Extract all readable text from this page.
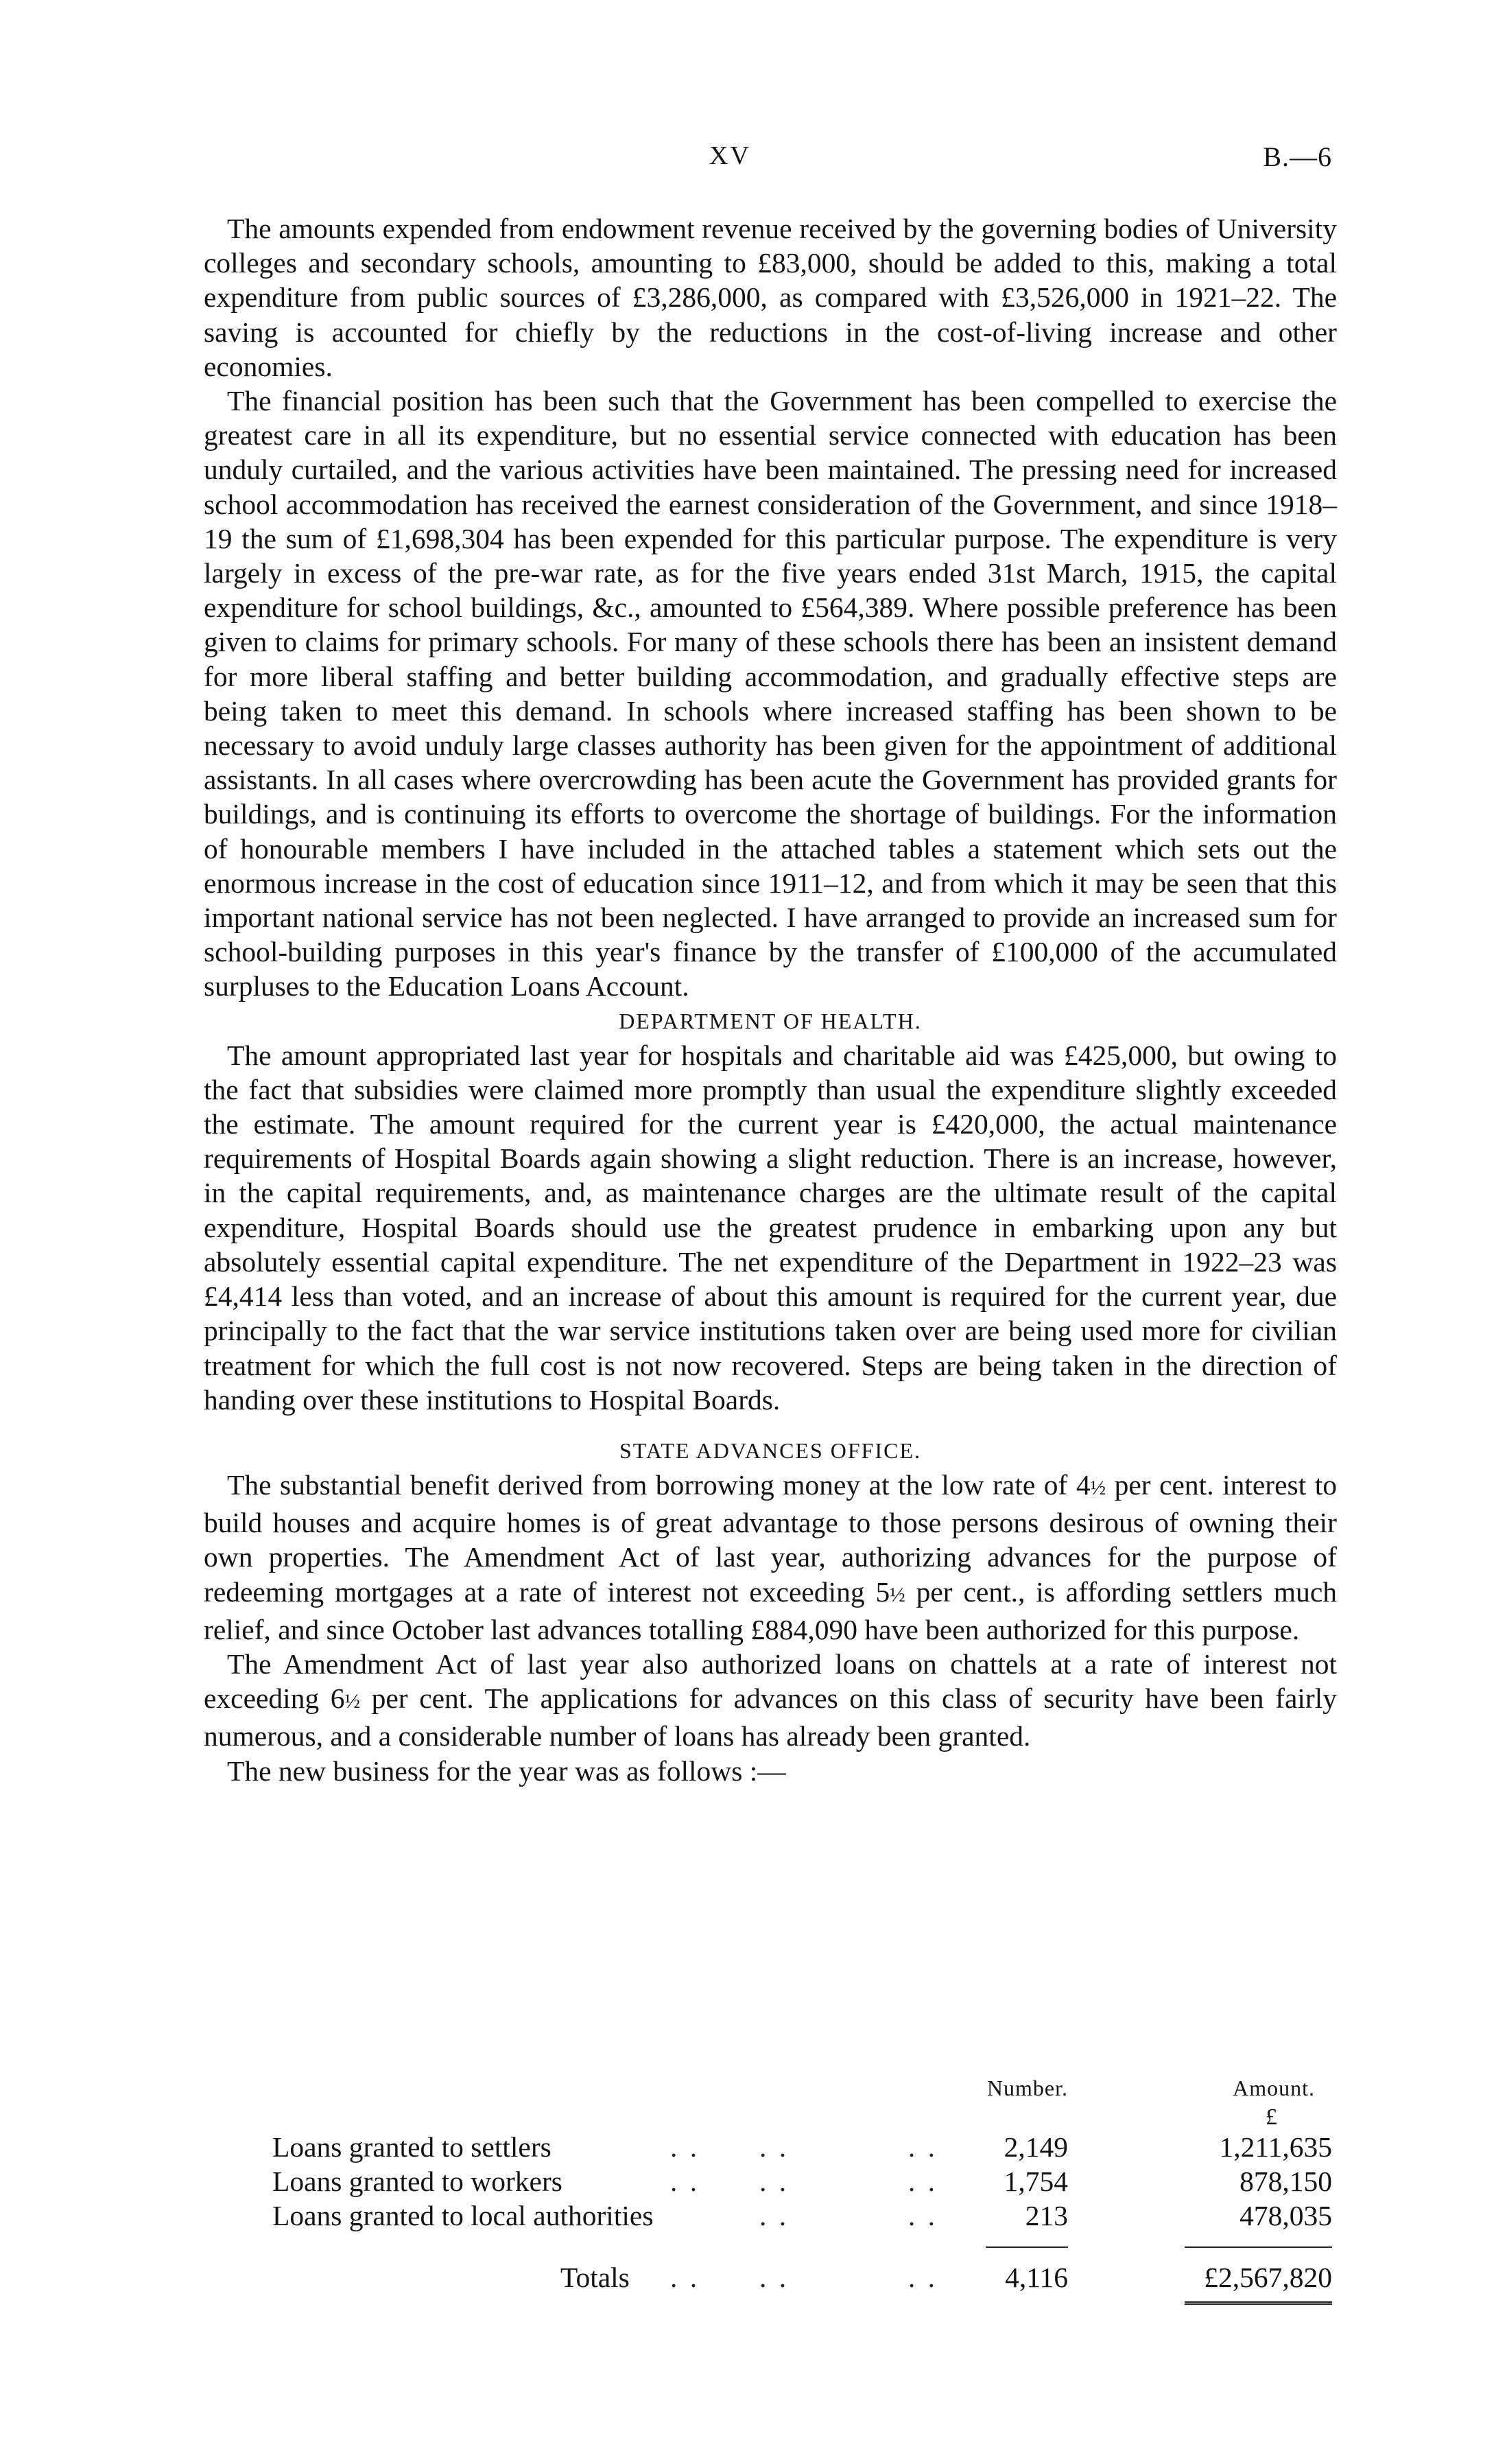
XV	B.—6

The amounts expended from endowment revenue received by the governing bodies of University colleges and secondary schools, amounting to £83,000, should be added to this, making a total expenditure from public sources of £3,286,000, as compared with £3,526,000 in 1921–22. The saving is accounted for chiefly by the reductions in the cost-of-living increase and other economies.

The financial position has been such that the Government has been compelled to exercise the greatest care in all its expenditure, but no essential service connected with education has been unduly curtailed, and the various activities have been maintained. The pressing need for increased school accommodation has received the earnest consideration of the Government, and since 1918–19 the sum of £1,698,304 has been expended for this particular purpose. The expenditure is very largely in excess of the pre-war rate, as for the five years ended 31st March, 1915, the capital expenditure for school buildings, &c., amounted to £564,389. Where possible preference has been given to claims for primary schools. For many of these schools there has been an insistent demand for more liberal staffing and better building accommodation, and gradually effective steps are being taken to meet this demand. In schools where increased staffing has been shown to be necessary to avoid unduly large classes authority has been given for the appointment of additional assistants. In all cases where overcrowding has been acute the Government has provided grants for buildings, and is continuing its efforts to overcome the shortage of buildings. For the information of honourable members I have included in the attached tables a statement which sets out the enormous increase in the cost of education since 1911–12, and from which it may be seen that this important national service has not been neglected. I have arranged to provide an increased sum for school-building purposes in this year's finance by the transfer of £100,000 of the accumulated surpluses to the Education Loans Account.

DEPARTMENT OF HEALTH.

The amount appropriated last year for hospitals and charitable aid was £425,000, but owing to the fact that subsidies were claimed more promptly than usual the expenditure slightly exceeded the estimate. The amount required for the current year is £420,000, the actual maintenance requirements of Hospital Boards again showing a slight reduction. There is an increase, however, in the capital requirements, and, as maintenance charges are the ultimate result of the capital expenditure, Hospital Boards should use the greatest prudence in embarking upon any but absolutely essential capital expenditure. The net expenditure of the Department in 1922–23 was £4,414 less than voted, and an increase of about this amount is required for the current year, due principally to the fact that the war service institutions taken over are being used more for civilian treatment for which the full cost is not now recovered. Steps are being taken in the direction of handing over these institutions to Hospital Boards.

STATE ADVANCES OFFICE.

The substantial benefit derived from borrowing money at the low rate of 4½ per cent. interest to build houses and acquire homes is of great advantage to those persons desirous of owning their own properties. The Amendment Act of last year, authorizing advances for the purpose of redeeming mortgages at a rate of interest not exceeding 5½ per cent., is affording settlers much relief, and since October last advances totalling £884,090 have been authorized for this purpose.

The Amendment Act of last year also authorized loans on chattels at a rate of interest not exceeding 6½ per cent. The applications for advances on this class of security have been fairly numerous, and a considerable number of loans has already been granted.

The new business for the year was as follows :—

				Number.	Amount.
					£
Loans granted to settlers	. .	. .	. .	2,149	1,211,635
Loans granted to workers	. .	. .	. .	1,754	878,150
Loans granted to local authorities		. .	. .	213	478,035

Totals	. .	. .	. .	4,116	£2,567,820
